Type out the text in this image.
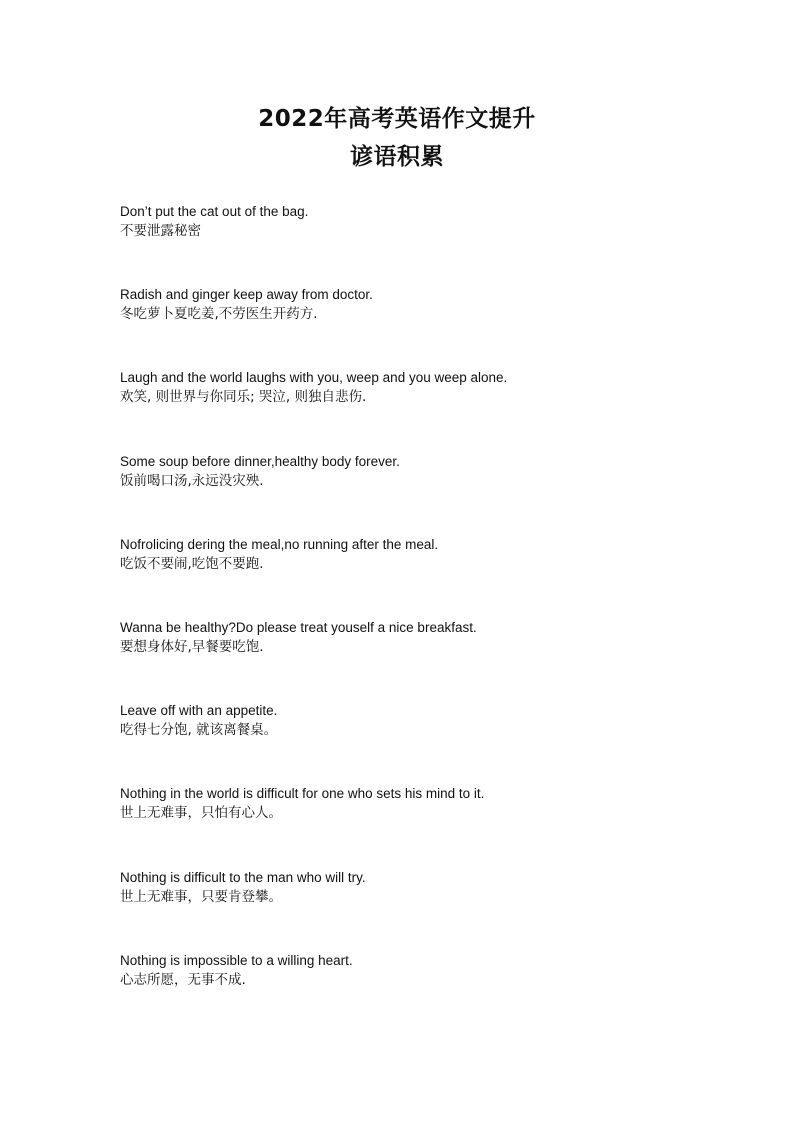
2022年高考英语作文提升
谚语积累
Don’t put the cat out of the bag.
不要泄露秘密
Radish and ginger keep away from doctor.
冬吃萝卜夏吃姜,不劳医生开药方.
Laugh and the world laughs with you, weep and you weep alone.
欢笑, 则世界与你同乐; 哭泣, 则独自悲伤.
Some soup before dinner,healthy body forever.
饭前喝口汤,永远没灾殃.
Nofrolicing dering the meal,no running after the meal.
吃饭不要闹,吃饱不要跑.
Wanna be healthy?Do please treat youself a nice breakfast.
要想身体好,早餐要吃饱.
Leave off with an appetite.
吃得七分饱, 就该离餐桌。
Nothing in the world is difficult for one who sets his mind to it.
世上无难事，只怕有心人。
Nothing is difficult to the man who will try.
世上无难事，只要肯登攀。
Nothing is impossible to a willing heart.
心志所愿，无事不成.
